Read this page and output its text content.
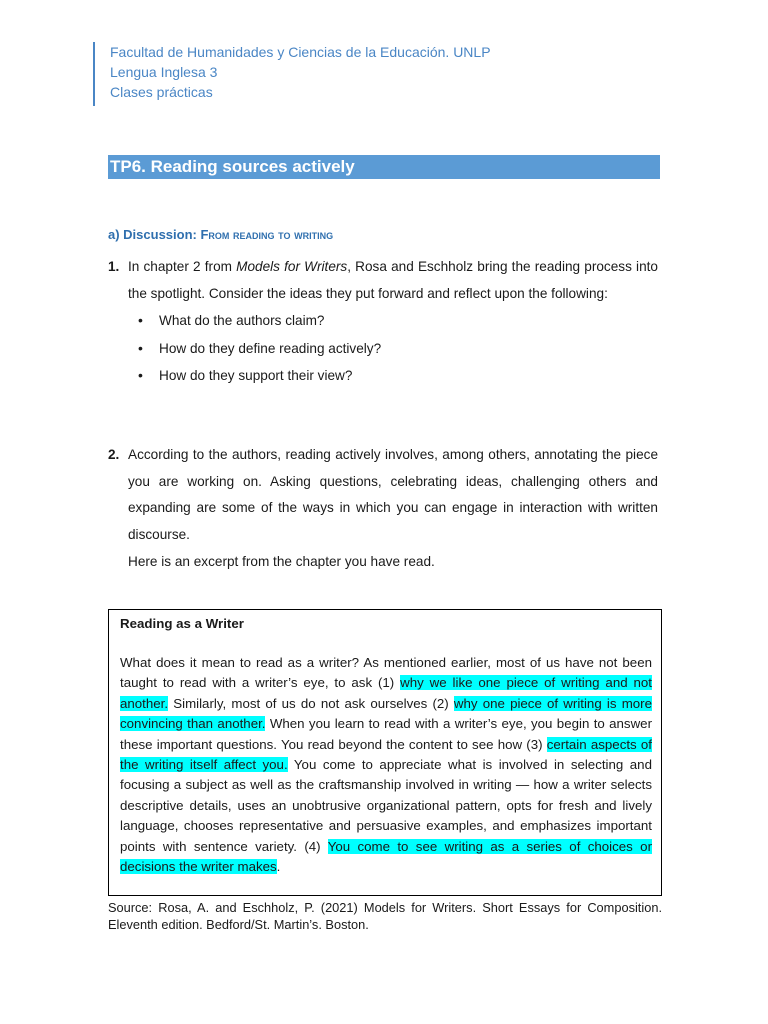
Facultad de Humanidades y Ciencias de la Educación. UNLP
Lengua Inglesa 3
Clases prácticas
TP6. Reading sources actively
a) Discussion: From reading to writing
1. In chapter 2 from Models for Writers, Rosa and Eschholz bring the reading process into the spotlight. Consider the ideas they put forward and reflect upon the following:
• What do the authors claim?
• How do they define reading actively?
• How do they support their view?
2. According to the authors, reading actively involves, among others, annotating the piece you are working on. Asking questions, celebrating ideas, challenging others and expanding are some of the ways in which you can engage in interaction with written discourse.
Here is an excerpt from the chapter you have read.
Reading as a Writer
What does it mean to read as a writer? As mentioned earlier, most of us have not been taught to read with a writer’s eye, to ask (1) why we like one piece of writing and not another. Similarly, most of us do not ask ourselves (2) why one piece of writing is more convincing than another. When you learn to read with a writer’s eye, you begin to answer these important questions. You read beyond the content to see how (3) certain aspects of the writing itself affect you. You come to appreciate what is involved in selecting and focusing a subject as well as the craftsmanship involved in writing — how a writer selects descriptive details, uses an unobtrusive organizational pattern, opts for fresh and lively language, chooses representative and persuasive examples, and emphasizes important points with sentence variety. (4) You come to see writing as a series of choices or decisions the writer makes.
Source: Rosa, A. and Eschholz, P. (2021) Models for Writers. Short Essays for Composition. Eleventh edition. Bedford/St. Martin’s. Boston.
